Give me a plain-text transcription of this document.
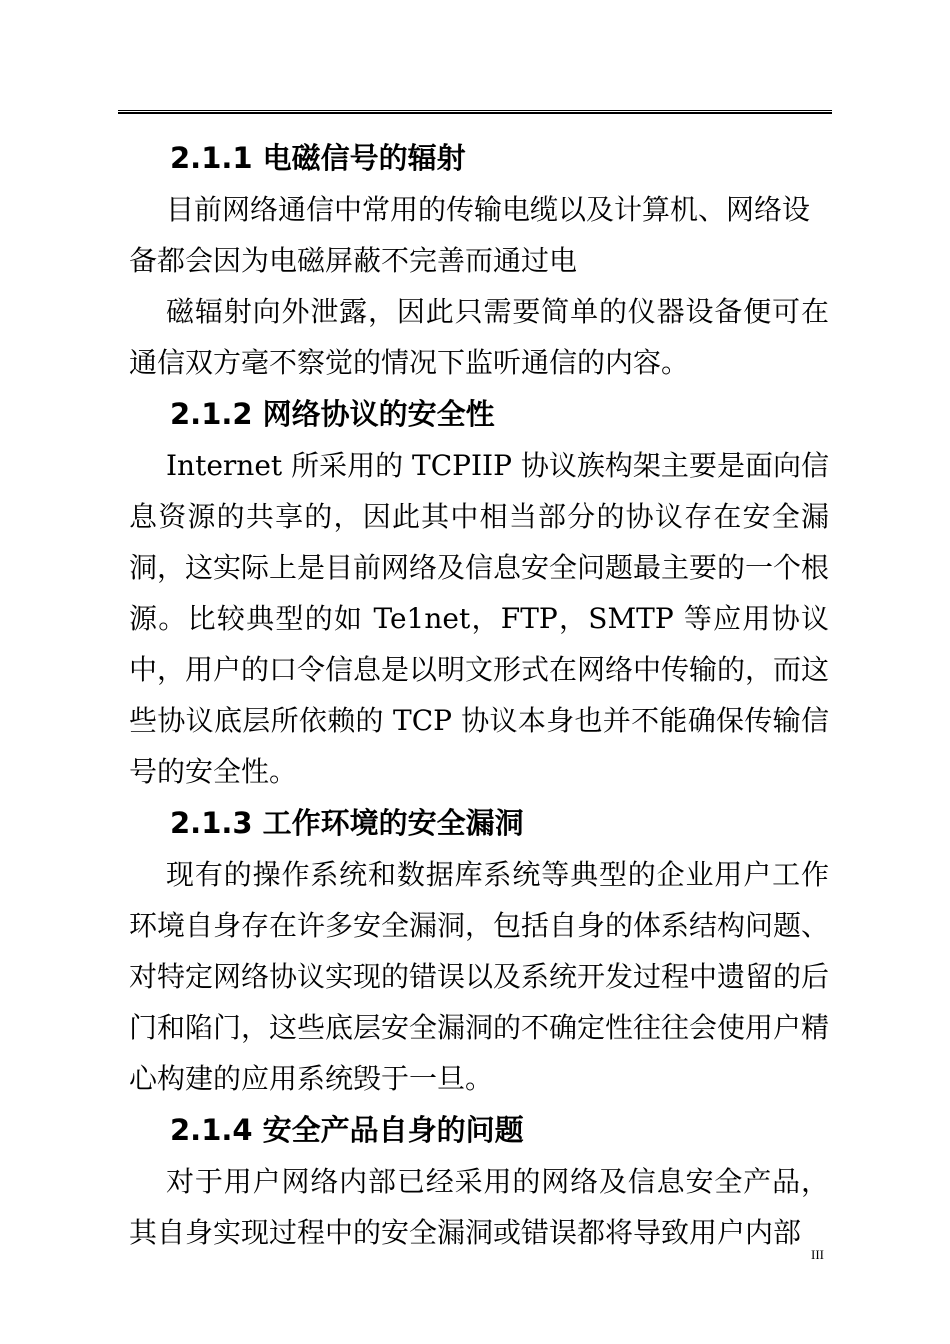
2.1.1 电磁信号的辐射

目前网络通信中常用的传输电缆以及计算机、网络设备都会因为电磁屏蔽不完善而通过电

磁辐射向外泄露，因此只需要简单的仪器设备便可在通信双方毫不察觉的情况下监听通信的内容。

2.1.2 网络协议的安全性

Internet 所采用的 TCPIIP 协议族构架主要是面向信息资源的共享的，因此其中相当部分的协议存在安全漏洞，这实际上是目前网络及信息安全问题最主要的一个根源。比较典型的如 Te1net，FTP，SMTP 等应用协议中，用户的口令信息是以明文形式在网络中传输的，而这些协议底层所依赖的 TCP 协议本身也并不能确保传输信号的安全性。

2.1.3 工作环境的安全漏洞

现有的操作系统和数据库系统等典型的企业用户工作环境自身存在许多安全漏洞，包括自身的体系结构问题、对特定网络协议实现的错误以及系统开发过程中遗留的后门和陷门，这些底层安全漏洞的不确定性往往会使用户精心构建的应用系统毁于一旦。

2.1.4 安全产品自身的问题

对于用户网络内部已经采用的网络及信息安全产品，其自身实现过程中的安全漏洞或错误都将导致用户内部

III
